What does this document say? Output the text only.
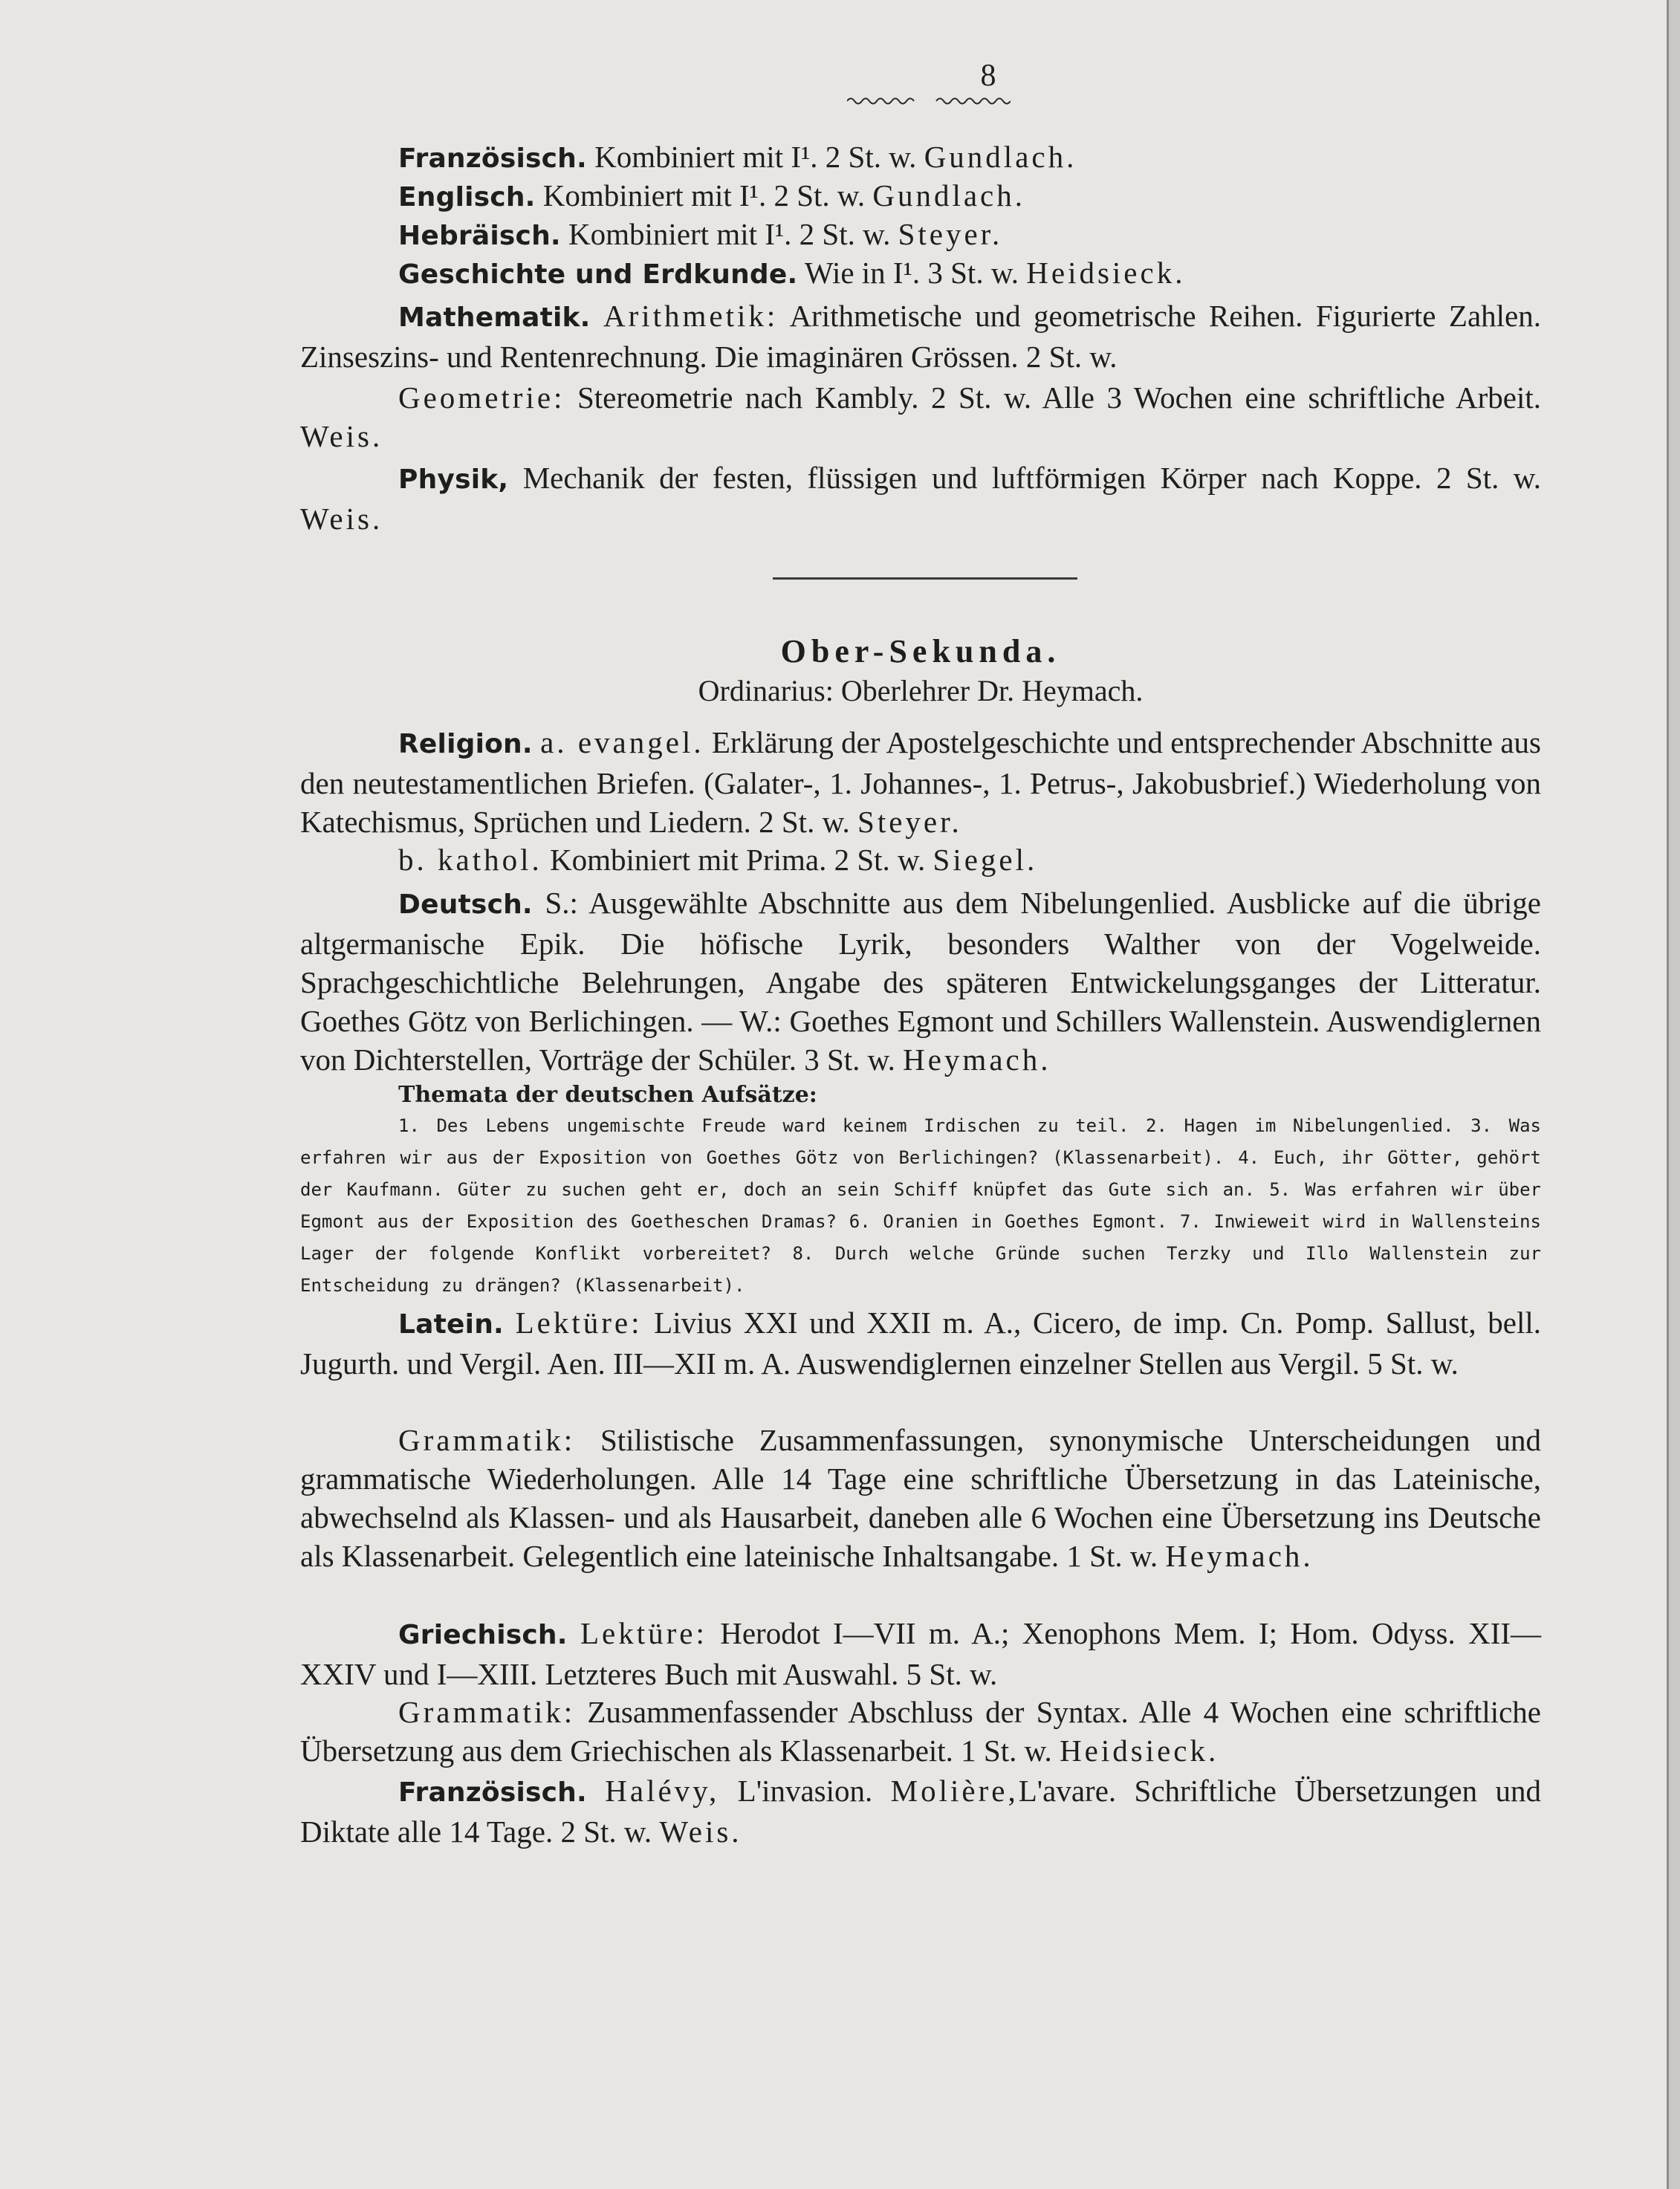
8
Französisch. Kombiniert mit I¹. 2 St. w. Gundlach.
Englisch. Kombiniert mit I¹. 2 St. w. Gundlach.
Hebräisch. Kombiniert mit I¹. 2 St. w. Steyer.
Geschichte und Erdkunde. Wie in I¹. 3 St. w. Heidsieck.
Mathematik. Arithmetik: Arithmetische und geometrische Reihen. Figurierte Zahlen. Zinseszins- und Rentenrechnung. Die imaginären Grössen. 2 St. w.
Geometrie: Stereometrie nach Kambly. 2 St. w. Alle 3 Wochen eine schriftliche Arbeit. Weis.
Physik, Mechanik der festen, flüssigen und luftförmigen Körper nach Koppe. 2 St. w. Weis.
Ober-Sekunda.
Ordinarius: Oberlehrer Dr. Heymach.
Religion. a. evangel. Erklärung der Apostelgeschichte und entsprechender Abschnitte aus den neutestamentlichen Briefen. (Galater-, 1. Johannes-, 1. Petrus-, Jakobusbrief.) Wiederholung von Katechismus, Sprüchen und Liedern. 2 St. w. Steyer.
b. kathol. Kombiniert mit Prima. 2 St. w. Siegel.
Deutsch. S.: Ausgewählte Abschnitte aus dem Nibelungenlied. Ausblicke auf die übrige altgermanische Epik. Die höfische Lyrik, besonders Walther von der Vogelweide. Sprachgeschichtliche Belehrungen, Angabe des späteren Entwickelungsganges der Litteratur. Goethes Götz von Berlichingen. — W.: Goethes Egmont und Schillers Wallenstein. Auswendiglernen von Dichterstellen, Vorträge der Schüler. 3 St. w. Heymach.
Themata der deutschen Aufsätze:
1. Des Lebens ungemischte Freude ward keinem Irdischen zu teil. 2. Hagen im Nibelungenlied. 3. Was erfahren wir aus der Exposition von Goethes Götz von Berlichingen? (Klassenarbeit). 4. Euch, ihr Götter, gehört der Kaufmann. Güter zu suchen geht er, doch an sein Schiff knüpfet das Gute sich an. 5. Was erfahren wir über Egmont aus der Exposition des Goetheschen Dramas? 6. Oranien in Goethes Egmont. 7. Inwieweit wird in Wallensteins Lager der folgende Konflikt vorbereitet? 8. Durch welche Gründe suchen Terzky und Illo Wallenstein zur Entscheidung zu drängen? (Klassenarbeit).
Latein. Lektüre: Livius XXI und XXII m. A., Cicero, de imp. Cn. Pomp. Sallust, bell. Jugurth. und Vergil. Aen. III—XII m. A. Auswendiglernen einzelner Stellen aus Vergil. 5 St. w.
Grammatik: Stilistische Zusammenfassungen, synonymische Unterscheidungen und grammatische Wiederholungen. Alle 14 Tage eine schriftliche Übersetzung in das Lateinische, abwechselnd als Klassen- und als Hausarbeit, daneben alle 6 Wochen eine Übersetzung ins Deutsche als Klassenarbeit. Gelegentlich eine lateinische Inhaltsangabe. 1 St. w. Heymach.
Griechisch. Lektüre: Herodot I—VII m. A.; Xenophons Mem. I; Hom. Odyss. XII—XXIV und I—XIII. Letzteres Buch mit Auswahl. 5 St. w.
Grammatik: Zusammenfassender Abschluss der Syntax. Alle 4 Wochen eine schriftliche Übersetzung aus dem Griechischen als Klassenarbeit. 1 St. w. Heidsieck.
Französisch. Halévy, L'invasion. Molière,L'avare. Schriftliche Übersetzungen und Diktate alle 14 Tage. 2 St. w. Weis.
